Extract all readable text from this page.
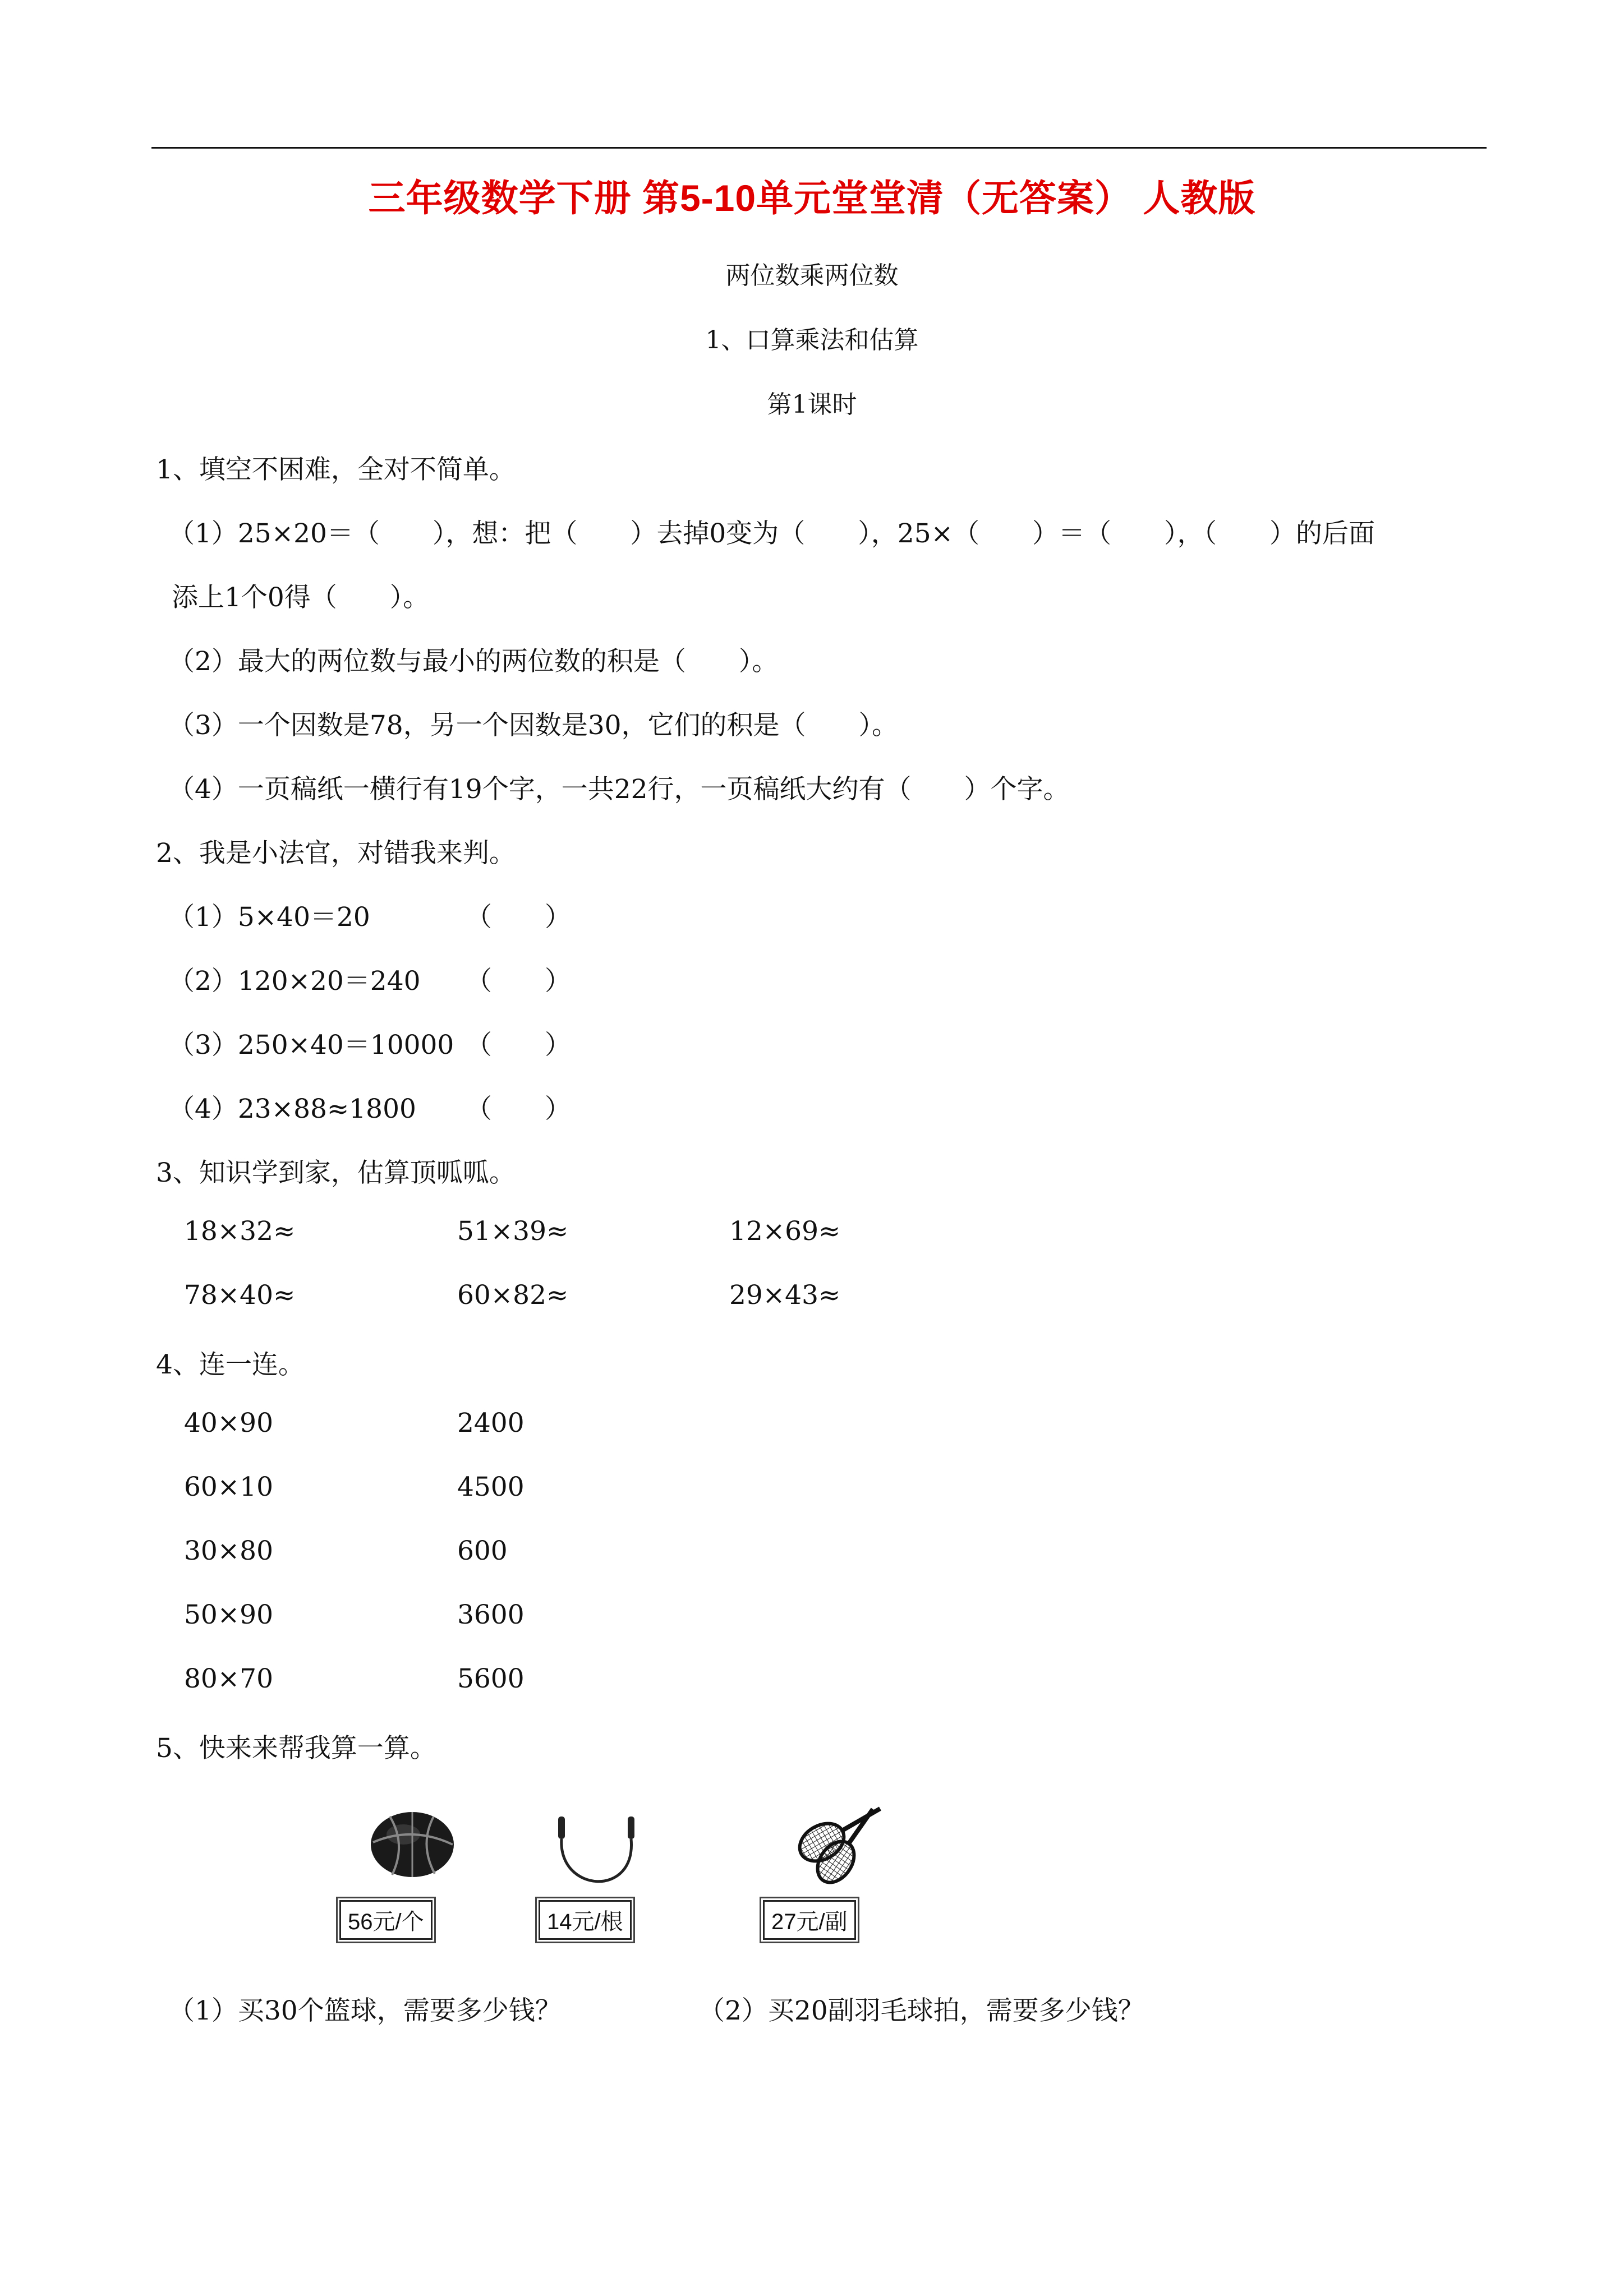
三年级数学下册 第5-10单元堂堂清（无答案） 人教版
两位数乘两位数
1、口算乘法和估算
第1课时
1、填空不困难，全对不简单。
（1）25×20＝（　　），想：把（　　）去掉0变为（　　），25×（　　）＝（　　），（　　）的后面
添上1个0得（　　）。
（2）最大的两位数与最小的两位数的积是（　　）。
（3）一个因数是78，另一个因数是30，它们的积是（　　）。
（4）一页稿纸一横行有19个字，一共22行，一页稿纸大约有（　　）个字。
2、我是小法官，对错我来判。
（1）5×40＝20	（　　）
（2）120×20＝240 （　　）
（3）250×40＝10000 （　　）
（4）23×88≈1800 （　　）
3、知识学到家，估算顶呱呱。
18×32≈	51×39≈	12×69≈
78×40≈	60×82≈	29×43≈
4、连一连。
40×90	2400
60×10	4500
30×80	600
50×90	3600
80×70	5600
5、快来来帮我算一算。
56元/个	14元/根	27元/副
（1）买30个篮球，需要多少钱？	（2）买20副羽毛球拍，需要多少钱？
